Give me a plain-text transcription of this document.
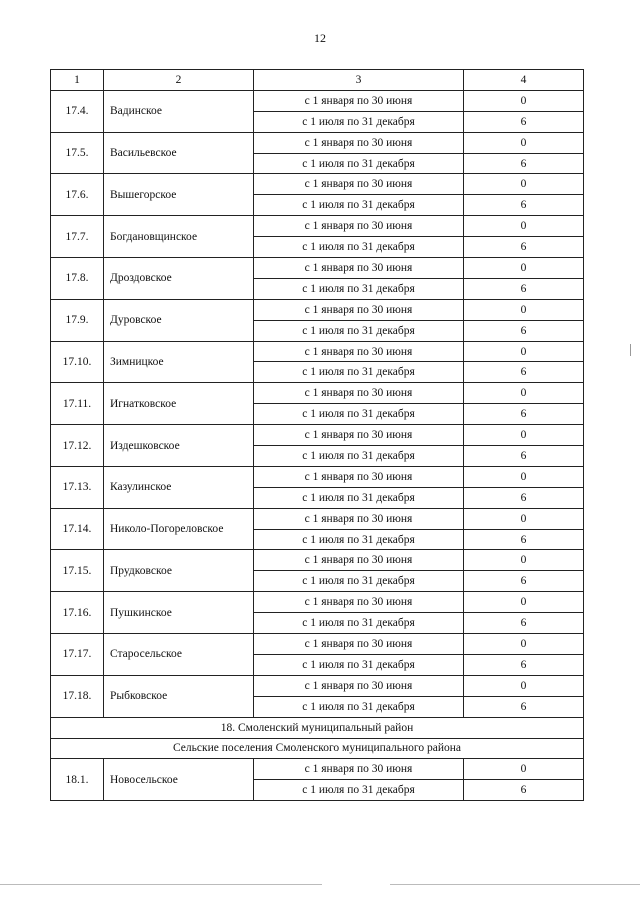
12
1	2	3	4
17.4.	Вадинское	с 1 января по 30 июня	0
		с 1 июля по 31 декабря	6
17.5.	Васильевское	с 1 января по 30 июня	0
		с 1 июля по 31 декабря	6
17.6.	Вышегорское	с 1 января по 30 июня	0
		с 1 июля по 31 декабря	6
17.7.	Богдановщинское	с 1 января по 30 июня	0
		с 1 июля по 31 декабря	6
17.8.	Дроздовское	с 1 января по 30 июня	0
		с 1 июля по 31 декабря	6
17.9.	Дуровское	с 1 января по 30 июня	0
		с 1 июля по 31 декабря	6
17.10.	Зимницкое	с 1 января по 30 июня	0
		с 1 июля по 31 декабря	6
17.11.	Игнатковское	с 1 января по 30 июня	0
		с 1 июля по 31 декабря	6
17.12.	Издешковское	с 1 января по 30 июня	0
		с 1 июля по 31 декабря	6
17.13.	Казулинское	с 1 января по 30 июня	0
		с 1 июля по 31 декабря	6
17.14.	Николо-Погореловское	с 1 января по 30 июня	0
		с 1 июля по 31 декабря	6
17.15.	Прудковское	с 1 января по 30 июня	0
		с 1 июля по 31 декабря	6
17.16.	Пушкинское	с 1 января по 30 июня	0
		с 1 июля по 31 декабря	6
17.17.	Старосельское	с 1 января по 30 июня	0
		с 1 июля по 31 декабря	6
17.18.	Рыбковское	с 1 января по 30 июня	0
		с 1 июля по 31 декабря	6
18. Смоленский муниципальный район			
Сельские поселения Смоленского муниципального района			
18.1.	Новосельское	с 1 января по 30 июня	0
		с 1 июля по 31 декабря	6
